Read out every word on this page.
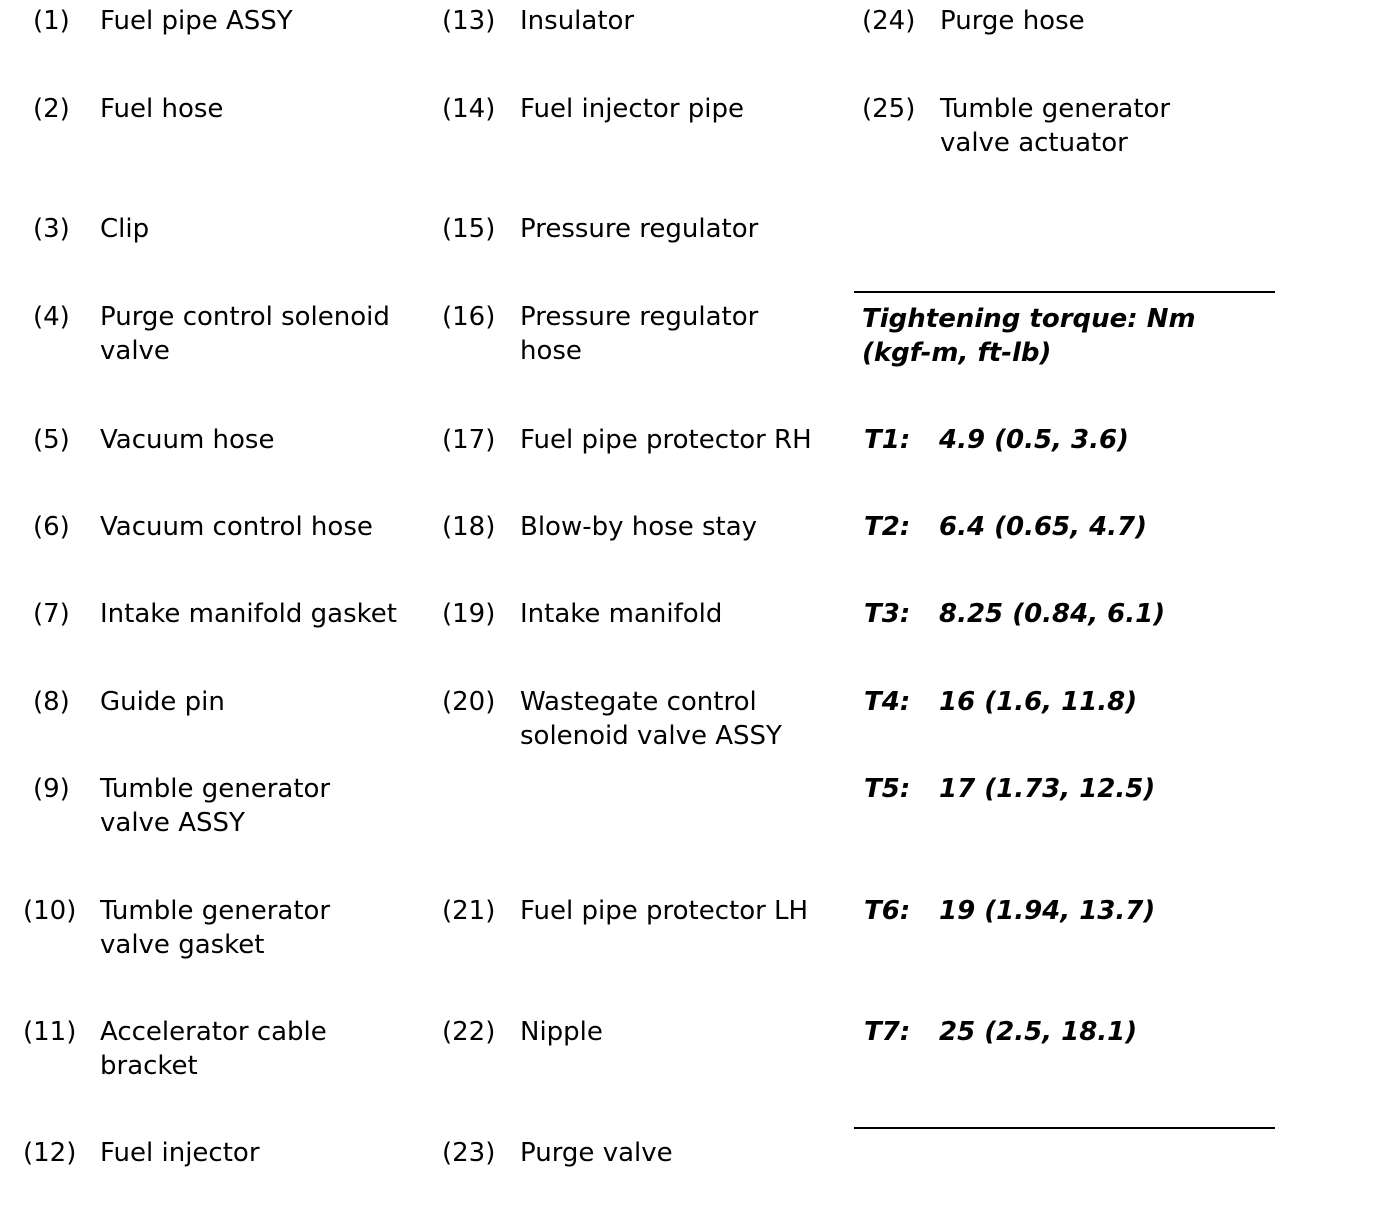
(1) Fuel pipe ASSY
(2) Fuel hose
(3) Clip
(4) Purge control solenoid
valve
(5) Vacuum hose
(6) Vacuum control hose
(7) Intake manifold gasket
(8) Guide pin
(9) Tumble generator
valve ASSY
(10) Tumble generator
valve gasket
(11) Accelerator cable
bracket
(12) Fuel injector
(13) Insulator
(14) Fuel injector pipe
(15) Pressure regulator
(16) Pressure regulator
hose
(17) Fuel pipe protector RH
(18) Blow-by hose stay
(19) Intake manifold
(20) Wastegate control
solenoid valve ASSY
(21) Fuel pipe protector LH
(22) Nipple
(23) Purge valve
(24) Purge hose
(25) Tumble generator
valve actuator
Tightening torque: Nm
(kgf-m, ft-lb)
T1: 4.9 (0.5, 3.6)
T2: 6.4 (0.65, 4.7)
T3: 8.25 (0.84, 6.1)
T4: 16 (1.6, 11.8)
T5: 17 (1.73, 12.5)
T6: 19 (1.94, 13.7)
T7: 25 (2.5, 18.1)
